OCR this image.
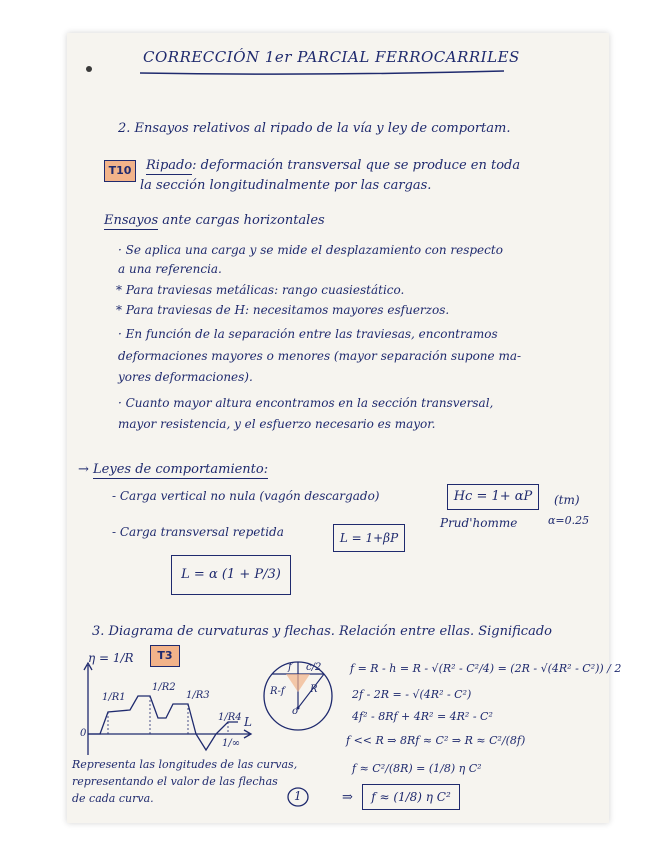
CORRECCIÓN 1er PARCIAL FERROCARRILES
2. Ensayos relativos al ripado de la vía y ley de comportam.
T10	Ripado: deformación transversal que se produce en toda
la sección longitudinalmente por las cargas.
Ensayos ante cargas horizontales
· Se aplica una carga y se mide el desplazamiento con respecto
a una referencia.
* Para traviesas metálicas: rango cuasiestático.
* Para traviesas de H: necesitamos mayores esfuerzos.
· En función de la separación entre las traviesas, encontramos
deformaciones mayores o menores (mayor separación supone ma-
yores deformaciones).
· Cuanto mayor altura encontramos en la sección transversal,
mayor resistencia, y el esfuerzo necesario es mayor.
→ Leyes de comportamiento:
- Carga vertical no nula (vagón descargado)	Hc = 1+ αP	(tm)
Prud'homme	α=0.25
- Carga transversal repetida	L = 1+βP
L = α (1 + P/3)
3. Diagrama de curvaturas y flechas. Relación entre ellas. Significado
η = 1/R	T3
L
0
1/R1
1/R2
1/R3
1/R4
1/∞
f c/2
R
R-f
o
f = R - h = R - √(R² - C²/4) = (2R - √(4R² - C²)) / 2
2f - 2R = - √(4R² - C²)
4f² - 8Rf + 4R² = 4R² - C²
f << R ⇒ 8Rf ≈ C² ⇒ R ≈ C²/(8f)
f ≈ C²/(8R) = (1/8) η C²
⇒	f ≈ (1/8) η C²
Representa las longitudes de las curvas,
representando el valor de las flechas
de cada curva.	1
